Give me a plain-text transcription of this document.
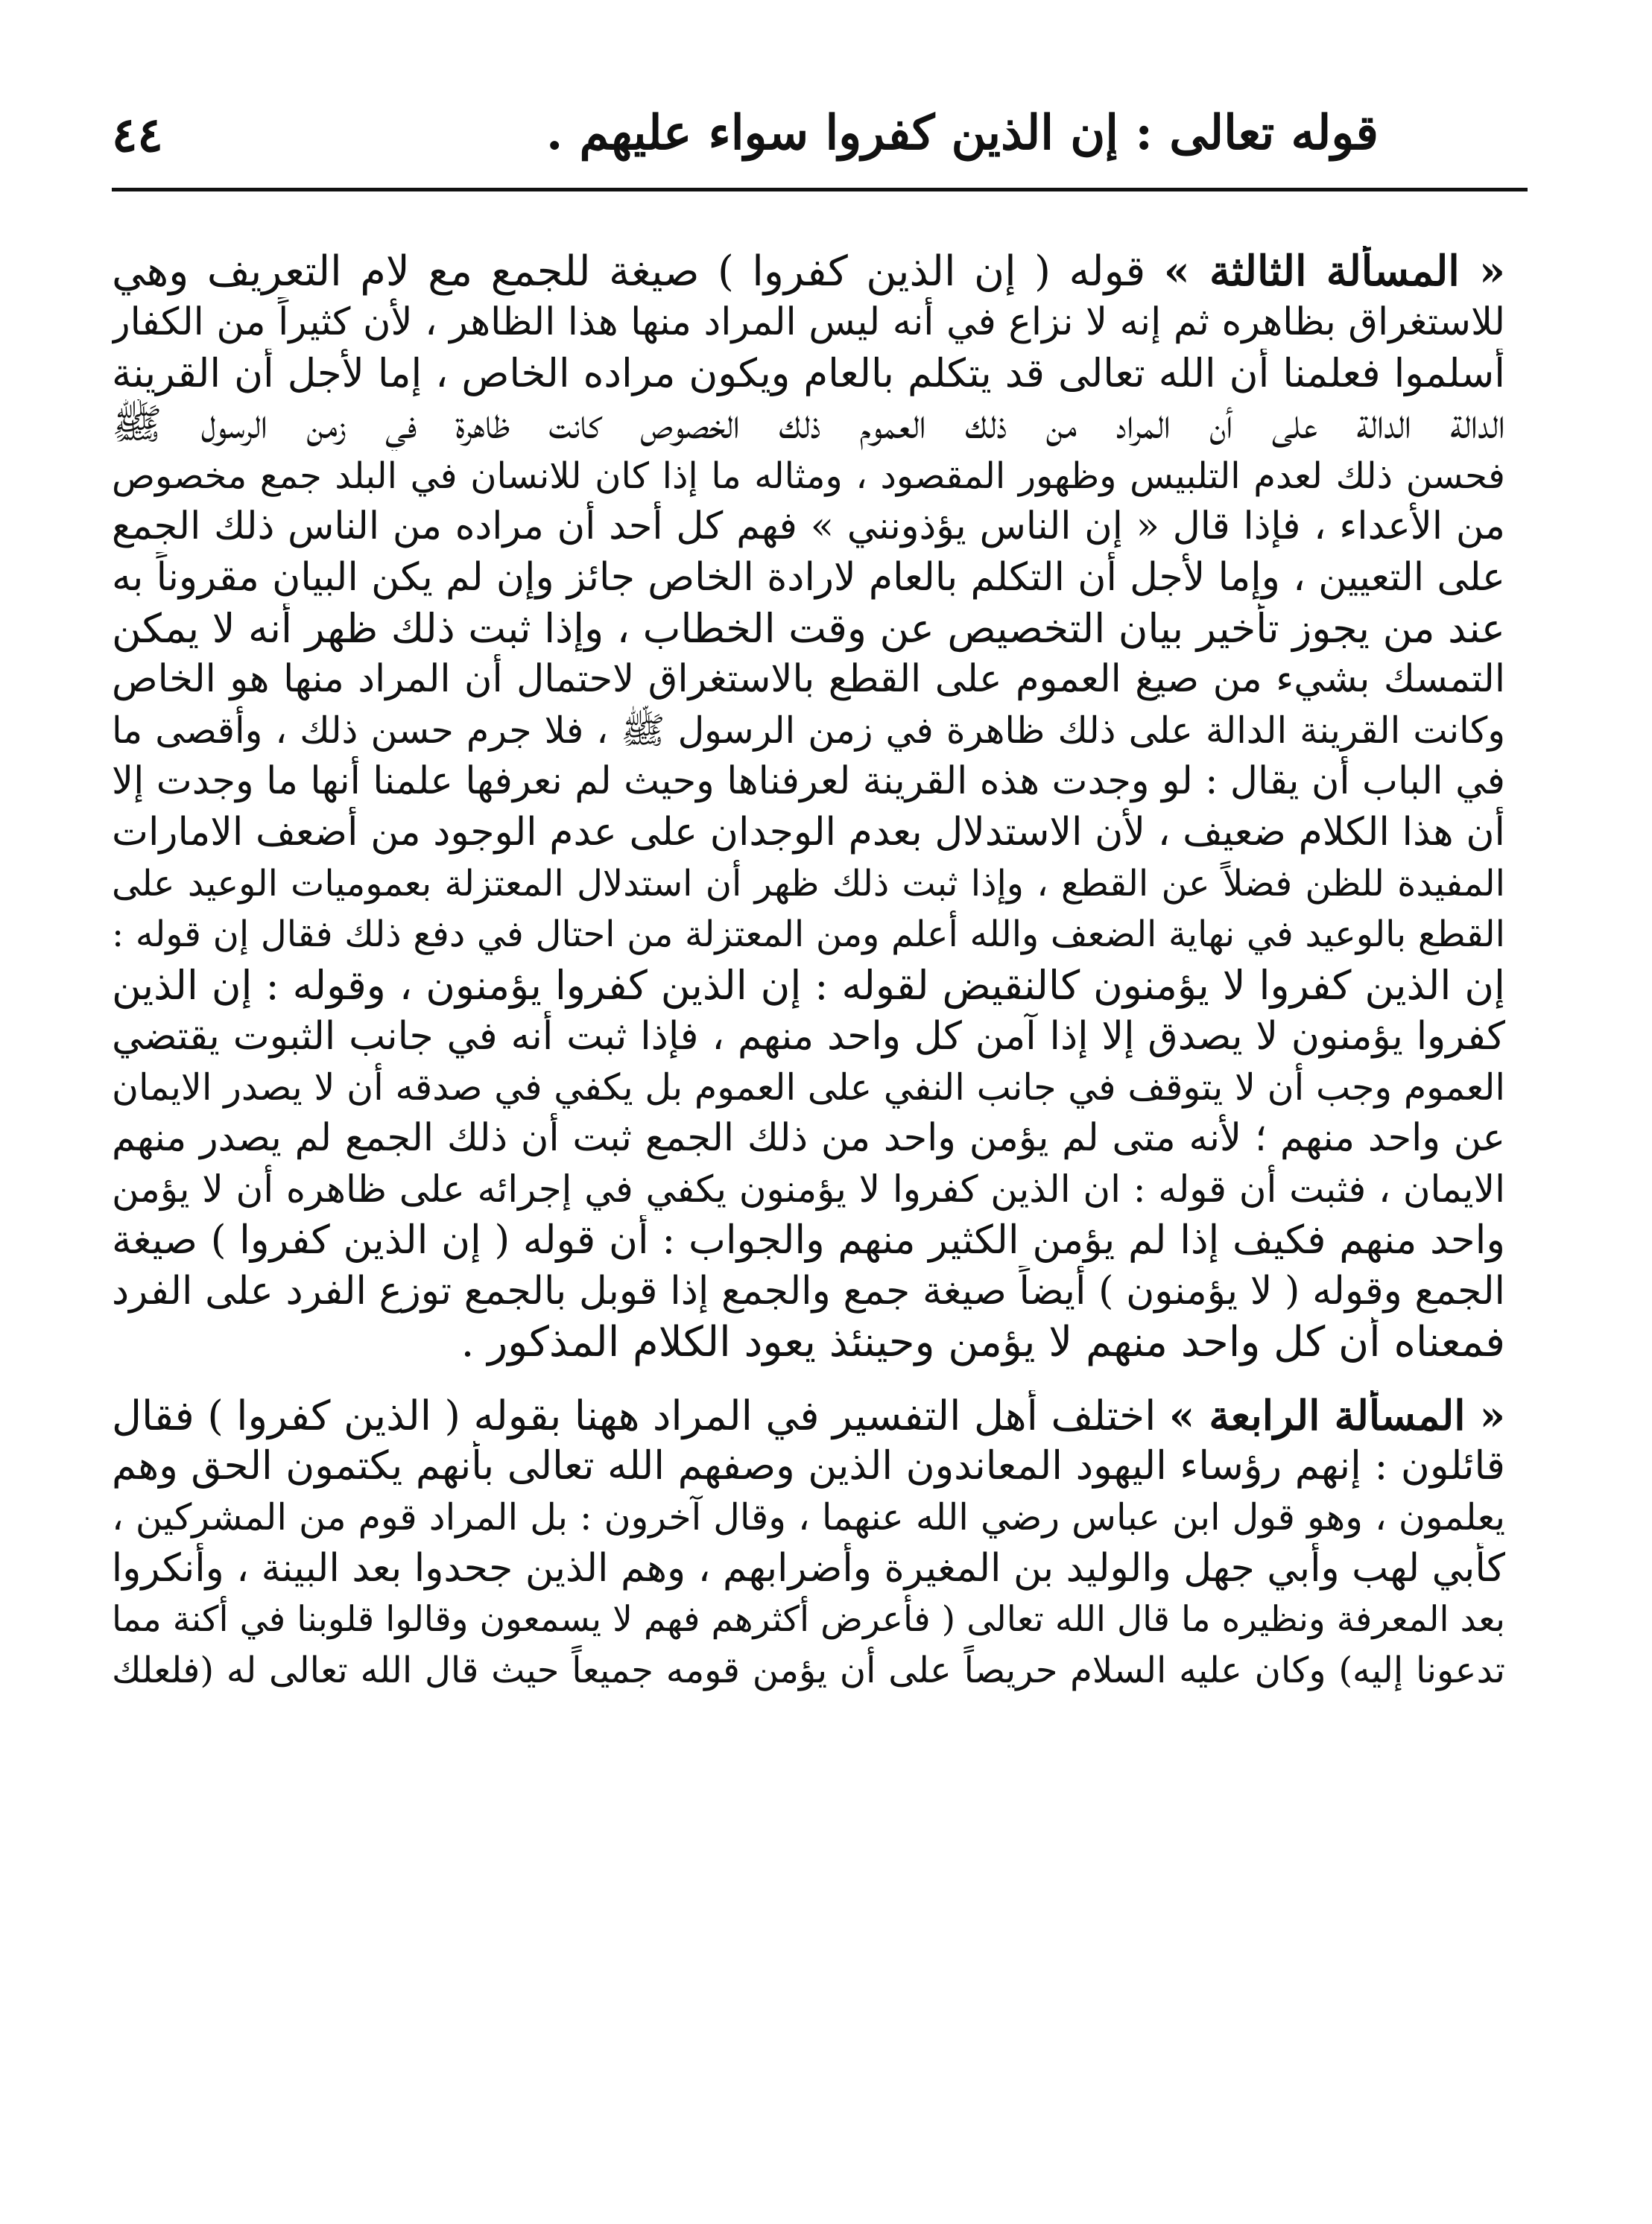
٤٤	قوله تعالى : إن الذين كفروا سواء عليهم .
« المسألة الثالثة » قوله ( إن الذين كفروا ) صيغة للجمع مع لام التعريف وهي
للاستغراق بظاهره ثم إنه لا نزاع في أنه ليس المراد منها هذا الظاهر ، لأن كثيراً من الكفار
أسلموا فعلمنا أن الله تعالى قد يتكلم بالعام ويكون مراده الخاص ، إما لأجل أن القرينة
الدالة الدالة على أن المراد من ذلك العموم ذلك الخصوص كانت ظاهرة في زمن الرسول ﷺ
فحسن ذلك لعدم التلبيس وظهور المقصود ، ومثاله ما إذا كان للانسان في البلد جمع مخصوص
من الأعداء ، فإذا قال « إن الناس يؤذونني » فهم كل أحد أن مراده من الناس ذلك الجمع
على التعيين ، وإما لأجل أن التكلم بالعام لارادة الخاص جائز وإن لم يكن البيان مقروناً به
عند من يجوز تأخير بيان التخصيص عن وقت الخطاب ، وإذا ثبت ذلك ظهر أنه لا يمكن
التمسك بشيء من صيغ العموم على القطع بالاستغراق لاحتمال أن المراد منها هو الخاص
وكانت القرينة الدالة على ذلك ظاهرة في زمن الرسول ﷺ ، فلا جرم حسن ذلك ، وأقصى ما
في الباب أن يقال : لو وجدت هذه القرينة لعرفناها وحيث لم نعرفها علمنا أنها ما وجدت إلا
أن هذا الكلام ضعيف ، لأن الاستدلال بعدم الوجدان على عدم الوجود من أضعف الامارات
المفيدة للظن فضلاً عن القطع ، وإذا ثبت ذلك ظهر أن استدلال المعتزلة بعموميات الوعيد على
القطع بالوعيد في نهاية الضعف والله أعلم ومن المعتزلة من احتال في دفع ذلك فقال إن قوله :
إن الذين كفروا لا يؤمنون كالنقيض لقوله : إن الذين كفروا يؤمنون ، وقوله : إن الذين
كفروا يؤمنون لا يصدق إلا إذا آمن كل واحد منهم ، فإذا ثبت أنه في جانب الثبوت يقتضي
العموم وجب أن لا يتوقف في جانب النفي على العموم بل يكفي في صدقه أن لا يصدر الايمان
عن واحد منهم ؛ لأنه متى لم يؤمن واحد من ذلك الجمع ثبت أن ذلك الجمع لم يصدر منهم
الايمان ، فثبت أن قوله : ان الذين كفروا لا يؤمنون يكفي في إجرائه على ظاهره أن لا يؤمن
واحد منهم فكيف إذا لم يؤمن الكثير منهم والجواب : أن قوله ( إن الذين كفروا ) صيغة
الجمع وقوله ( لا يؤمنون ) أيضاً صيغة جمع والجمع إذا قوبل بالجمع توزع الفرد على الفرد
فمعناه أن كل واحد منهم لا يؤمن وحينئذ يعود الكلام المذكور .
« المسألة الرابعة » اختلف أهل التفسير في المراد ههنا بقوله ( الذين كفروا ) فقال
قائلون : إنهم رؤساء اليهود المعاندون الذين وصفهم الله تعالى بأنهم يكتمون الحق وهم
يعلمون ، وهو قول ابن عباس رضي الله عنهما ، وقال آخرون : بل المراد قوم من المشركين ،
كأبي لهب وأبي جهل والوليد بن المغيرة وأضرابهم ، وهم الذين جحدوا بعد البينة ، وأنكروا
بعد المعرفة ونظيره ما قال الله تعالى ( فأعرض أكثرهم فهم لا يسمعون وقالوا قلوبنا في أكنة مما
تدعونا إليه) وكان عليه السلام حريصاً على أن يؤمن قومه جميعاً حيث قال الله تعالى له (فلعلك
